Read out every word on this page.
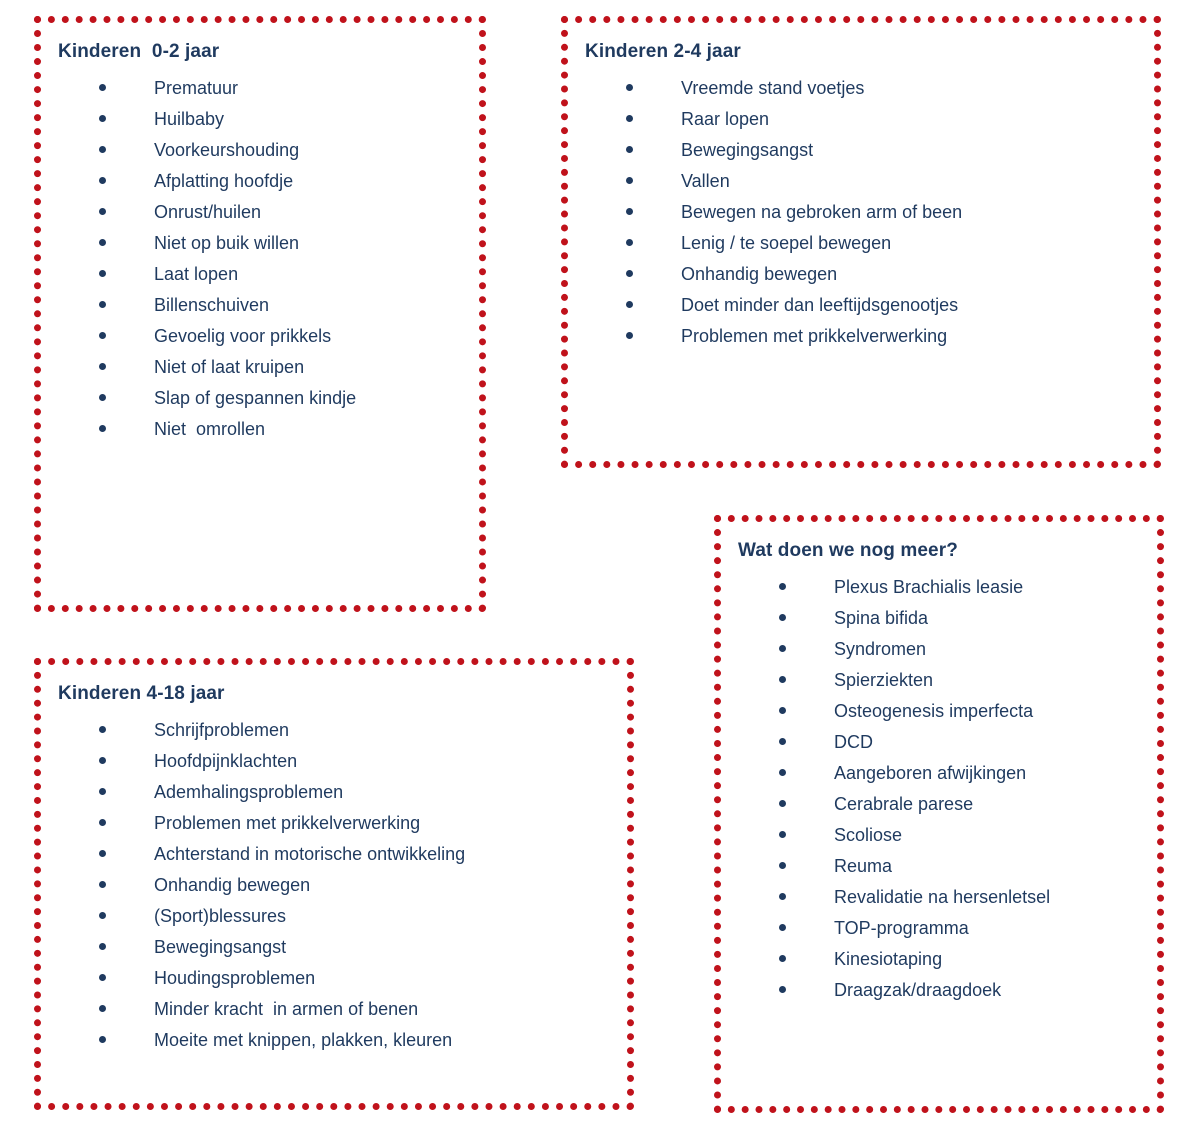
Kinderen  0-2 jaar
Prematuur
Huilbaby
Voorkeurshouding
Afplatting hoofdje
Onrust/huilen
Niet op buik willen
Laat lopen
Billenschuiven
Gevoelig voor prikkels
Niet of laat kruipen
Slap of gespannen kindje
Niet  omrollen
Kinderen 2-4 jaar
Vreemde stand voetjes
Raar lopen
Bewegingsangst
Vallen
Bewegen na gebroken arm of been
Lenig / te soepel bewegen
Onhandig bewegen
Doet minder dan leeftijdsgenootjes
Problemen met prikkelverwerking
Kinderen 4-18 jaar
Schrijfproblemen
Hoofdpijnklachten
Ademhalingsproblemen
Problemen met prikkelverwerking
Achterstand in motorische ontwikkeling
Onhandig bewegen
(Sport)blessures
Bewegingsangst
Houdingsproblemen
Minder kracht  in armen of benen
Moeite met knippen, plakken, kleuren
Wat doen we nog meer?
Plexus Brachialis leasie
Spina bifida
Syndromen
Spierziekten
Osteogenesis imperfecta
DCD
Aangeboren afwijkingen
Cerabrale parese
Scoliose
Reuma
Revalidatie na hersenletsel
TOP-programma
Kinesiotaping
Draagzak/draagdoek
